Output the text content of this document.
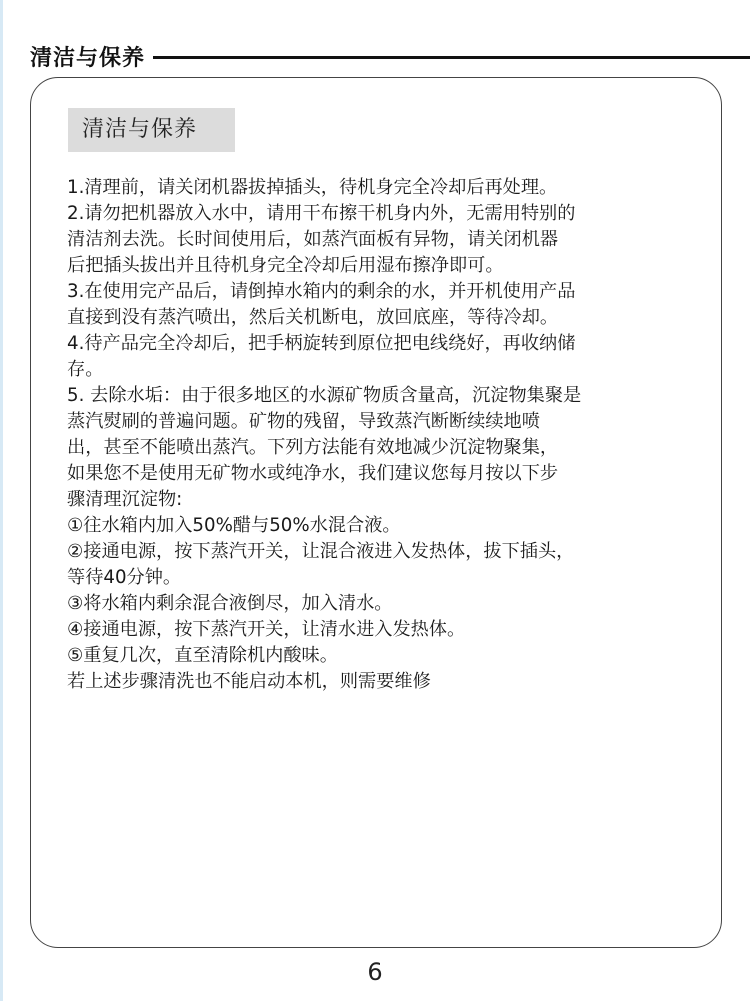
清洁与保养
清洁与保养

1.清理前，请关闭机器拔掉插头，待机身完全冷却后再处理。

2.请勿把机器放入水中，请用干布擦干机身内外，无需用特别的
清洁剂去洗。长时间使用后，如蒸汽面板有异物，请关闭机器
后把插头拔出并且待机身完全冷却后用湿布擦净即可。

3.在使用完产品后，请倒掉水箱内的剩余的水，并开机使用产品
直接到没有蒸汽喷出，然后关机断电，放回底座，等待冷却。

4.待产品完全冷却后，把手柄旋转到原位把电线绕好，再收纳储
存。

5. 去除水垢：由于很多地区的水源矿物质含量高，沉淀物集聚是
蒸汽熨刷的普遍问题。矿物的残留，导致蒸汽断断续续地喷
出，甚至不能喷出蒸汽。下列方法能有效地减少沉淀物聚集，
如果您不是使用无矿物水或纯净水，我们建议您每月按以下步
骤清理沉淀物:

①往水箱内加入50%醋与50%水混合液。

②接通电源，按下蒸汽开关，让混合液进入发热体，拔下插头，
等待40分钟。

③将水箱内剩余混合液倒尽，加入清水。

④接通电源，按下蒸汽开关，让清水进入发热体。

⑤重复几次，直至清除机内酸味。

若上述步骤清洗也不能启动本机，则需要维修

6
